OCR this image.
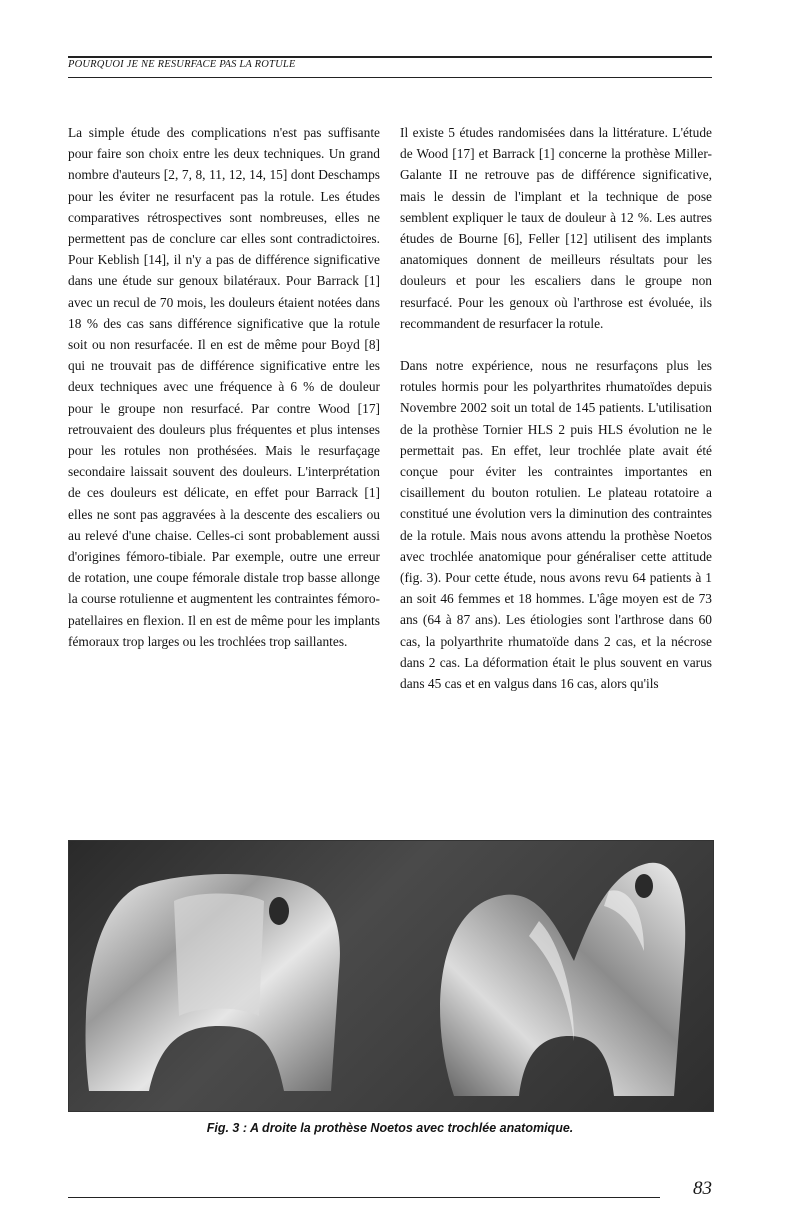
POURQUOI JE NE RESURFACE PAS LA ROTULE

La simple étude des complications n'est pas suffisante pour faire son choix entre les deux techniques. Un grand nombre d'auteurs [2, 7, 8, 11, 12, 14, 15] dont Deschamps pour les éviter ne resurfacent pas la rotule. Les études comparatives rétrospectives sont nombreuses, elles ne permettent pas de conclure car elles sont contradictoires. Pour Keblish [14], il n'y a pas de différence significative dans une étude sur genoux bilatéraux. Pour Barrack [1] avec un recul de 70 mois, les douleurs étaient notées dans 18 % des cas sans différence significative que la rotule soit ou non resurfacée. Il en est de même pour Boyd [8] qui ne trouvait pas de différence significative entre les deux techniques avec une fréquence à 6 % de douleur pour le groupe non resurfacé. Par contre Wood [17] retrouvaient des douleurs plus fréquentes et plus intenses pour les rotules non prothésées. Mais le resurfaçage secondaire laissait souvent des douleurs. L'interprétation de ces douleurs est délicate, en effet pour Barrack [1] elles ne sont pas aggravées à la descente des escaliers ou au relevé d'une chaise. Celles-ci sont probablement aussi d'origines fémoro-tibiale. Par exemple, outre une erreur de rotation, une coupe fémorale distale trop basse allonge la course rotulienne et augmentent les contraintes fémoro-patellaires en flexion. Il en est de même pour les implants fémoraux trop larges ou les trochlées trop saillantes.

Il existe 5 études randomisées dans la littérature. L'étude de Wood [17] et Barrack [1] concerne la prothèse Miller-Galante II ne retrouve pas de différence significative, mais le dessin de l'implant et la technique de pose semblent expliquer le taux de douleur à 12 %. Les autres études de Bourne [6], Feller [12] utilisent des implants anatomiques donnent de meilleurs résultats pour les douleurs et pour les escaliers dans le groupe non resurfacé. Pour les genoux où l'arthrose est évoluée, ils recommandent de resurfacer la rotule.

Dans notre expérience, nous ne resurfaçons plus les rotules hormis pour les polyarthrites rhumatoïdes depuis Novembre 2002 soit un total de 145 patients. L'utilisation de la prothèse Tornier HLS 2 puis HLS évolution ne le permettait pas. En effet, leur trochlée plate avait été conçue pour éviter les contraintes importantes en cisaillement du bouton rotulien. Le plateau rotatoire a constitué une évolution vers la diminution des contraintes de la rotule. Mais nous avons attendu la prothèse Noetos avec trochlée anatomique pour généraliser cette attitude (fig. 3). Pour cette étude, nous avons revu 64 patients à 1 an soit 46 femmes et 18 hommes. L'âge moyen est de 73 ans (64 à 87 ans). Les étiologies sont l'arthrose dans 60 cas, la polyarthrite rhumatoïde dans 2 cas, et la nécrose dans 2 cas. La déformation était le plus souvent en varus dans 45 cas et en valgus dans 16 cas, alors qu'ils

Fig. 3 : A droite la prothèse Noetos avec trochlée anatomique.
83
